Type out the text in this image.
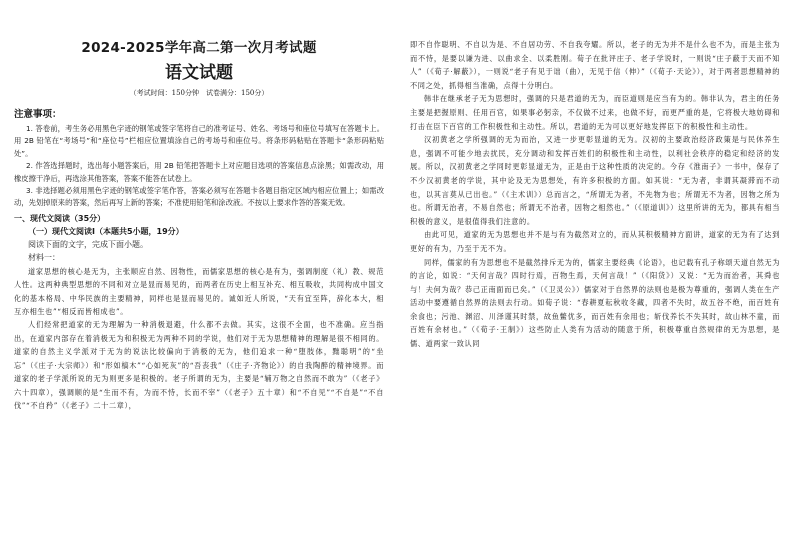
2024-2025学年高二第一次月考试题
语文试题
（考试时间：150分钟　试卷满分：150分）
注意事项：

1. 答卷前，考生务必用黑色字迹的钢笔或签字笔将自己的准考证号、姓名、考场号和座位号填写在答题卡上。用 2B 铅笔在“考场号”和“座位号”栏相应位置填涂自己的考场号和座位号。将条形码粘贴在答题卡“条形码粘贴处”。

2. 作答选择题时，选出每小题答案后，用 2B 铅笔把答题卡上对应题目选项的答案信息点涂黑；如需改动，用橡皮擦干净后，再选涂其他答案，答案不能答在试卷上。

3. 非选择题必须用黑色字迹的钢笔或签字笔作答，答案必须写在答题卡各题目指定区域内相应位置上；如需改动，先划掉原来的答案，然后再写上新的答案；不准使用铅笔和涂改液。不按以上要求作答的答案无效。

一、现代文阅读（35分）
（一）现代文阅读Ⅰ（本题共5小题，19分）
阅读下面的文字，完成下面小题。
材料一：

道家思想的核心是无为，主张顺应自然、因物性，而儒家思想的核心是有为，强调制度（礼）教、规范人性。这两种典型思想的不同和对立是显而易见的，而两者在历史上相互补充、相互吸收，共同构成中国文化的基本格局、中华民族的主要精神，同样也是显而易见的。诚如近人所说，“天有宜至阵，辞化本大，相互亦相生也”“相反而皆相成也”。

人们经常把道家的无为理解为一种消极退避，什么都不去做。其实，这很不全面，也不准确。应当指出，在道家内部存在着消极无为和积极无为两种不同的学说，他们对于无为思想精神的理解是很不相同的。道家的自然主义学派对于无为的说法比较偏向于消极的无为，他们追求一种“堕肢体，黜聪明”的“坐忘”（《庄子·大宗师》）和“形如槁木”“心如死灰”的“吾丧我”（《庄子·齐物论》）的自我陶醉的精神境界。而道家的老子学派所说的无为则更多是积极的。老子所谓的无为，主要是“辅万物之自然而不敢为”（《老子》六十四章），强调顺的是“生而不有，为而不恃，长而不宰”（《老子》五十章）和“不自见”“不自是”“不自伐”“不自矜”（《老子》二十二章），

即不自作聪明、不自以为是、不自居功劳、不自我夸耀。所以，老子的无为并不是什么也不为，而是主张为而不恃，是要以谦为进、以曲求全、以柔胜刚。荀子在批评庄子、老子学说时，一则说“庄子蔽于天而不知人”（《荀子·解蔽》），一则说“老子有见于诎（曲），无见于信（伸）”（《荀子·天论》），对于两者思想精神的不同之处，抓得相当准确，点得十分明白。

韩非在继承老子无为思想时，强调的只是君道的无为，而臣道则是应当有为的。韩非认为，君主的任务主要是把握原则、任用百官，如果事必躬亲，不仅做不过来，也做不好，而更严重的是，它将极大地妨碍和打击在臣下百官的工作积极性和主动性。所以，君道的无为可以更好地发挥臣下的积极性和主动性。

汉初黄老之学所强调的无为而治，又进一步更彰显道的无为。汉初的主要政治经济政策是与民休养生息，强调不可能少地去扰民，充分调动和发挥百姓们的积极性和主动性，以利社会秩序的稳定和经济的发展。所以，汉初黄老之学同时更彰显道无为，正是由于这种性质的决定的。今存《淮南子》一书中，保存了不少汉初黄老的学说，其中论及无为思想处，有许多积极的方面。如其说：“无为者，非谓其凝滞而不动也，以其言莫从已出也。”（《主术训》）总而言之，“所谓无为者，不先物为也；所谓无不为者，因物之所为也。所谓无治者，不易自然也；所谓无不治者，因物之相然也。”（《原道训》）这里所讲的无为，都具有相当积极的意义，是很值得我们注意的。

由此可见，道家的无为思想也并不是与有为截然对立的，而从其积极精神方面讲，道家的无为有了达到更好的有为，乃至于无不为。

同样，儒家的有为思想也不是截然排斥无为的，儒家主要经典《论语》，也记载有孔子称颂天道自然无为的言论，如说：“天何言哉？四时行焉，百物生焉，天何言哉！”（《阳货》）又说：“无为而治者，其舜也与！夫何为哉？恭己正南面而已矣。”（《卫灵公》）儒家对于自然界的法则也是极为尊重的，强调人类在生产活动中要遵循自然界的法则去行动。如荀子说：“春耕夏耘秋收冬藏，四者不失时，故五谷不绝，而百姓有余食也；污池、渊沼、川泽谨其时禁，故鱼鳖优多，而百姓有余用也；斩伐养长不失其时，故山林不童，而百姓有余材也。”（《荀子·王制》）这些防止人类有为活动的随意于所，积极尊重自然规律的无为思想，是儒、道两家一致认同
